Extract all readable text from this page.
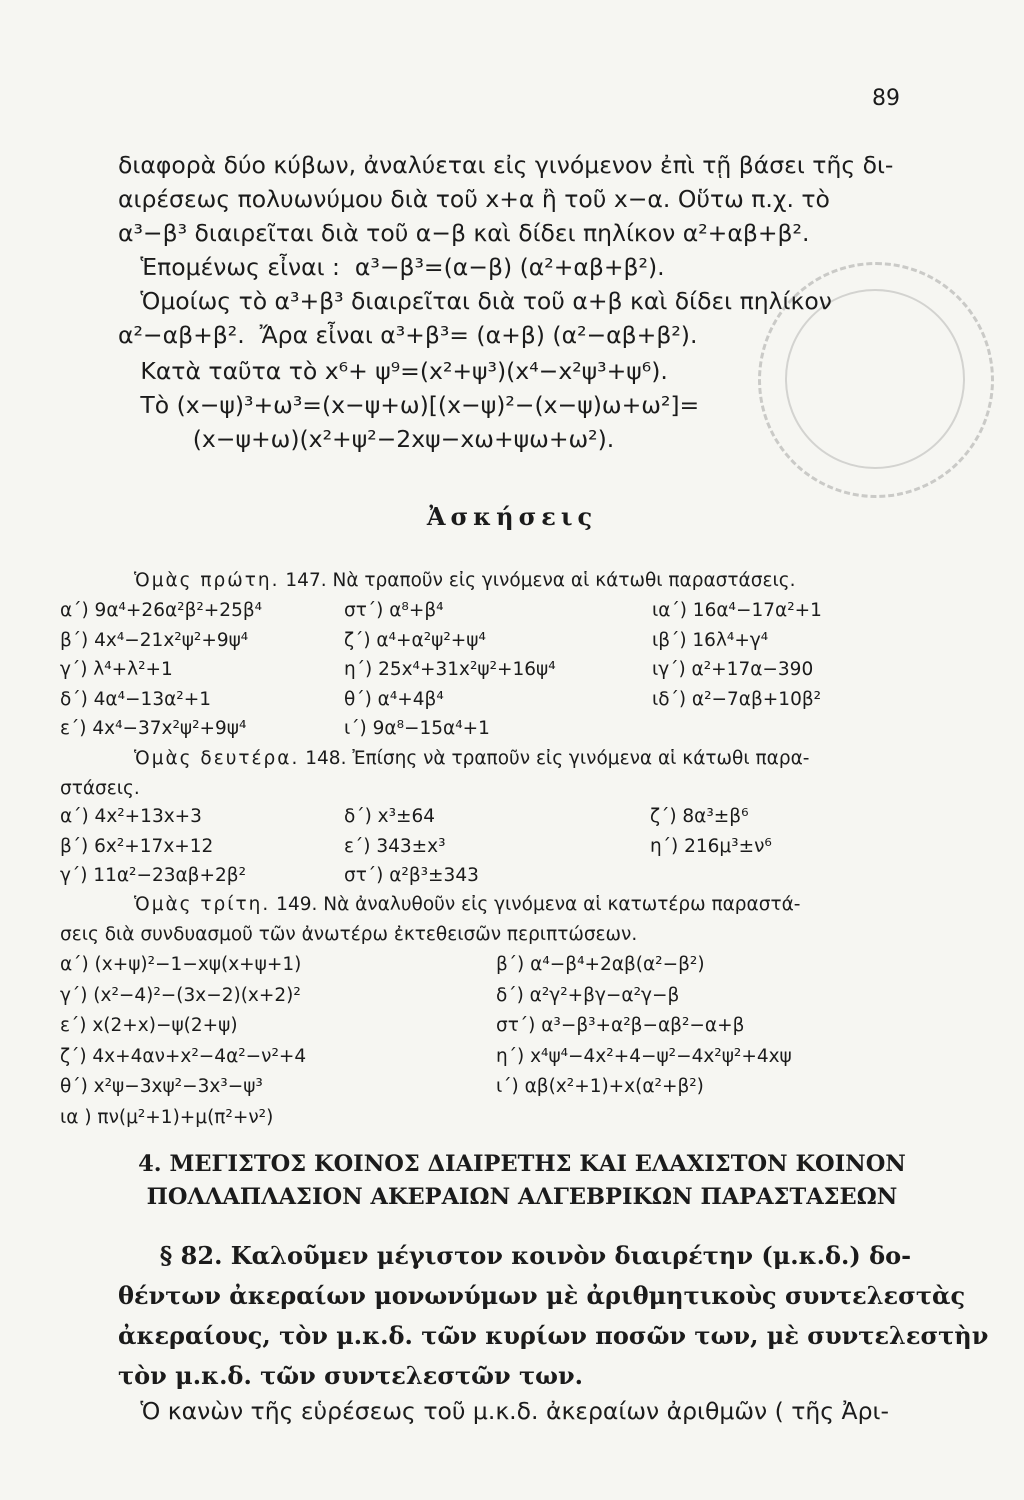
89
διαφορὰ δύο κύβων, ἀναλύεται εἰς γινόμενον ἐπὶ τῇ βάσει τῆς δι-
αιρέσεως πολυωνύμου διὰ τοῦ x+α ἢ τοῦ x−α. Οὕτω π.χ. τὸ
α³−β³ διαιρεῖται διὰ τοῦ α−β καὶ δίδει πηλίκον α²+αβ+β².
Ἑπομένως εἶναι :  α³−β³=(α−β) (α²+αβ+β²).
Ὁμοίως τὸ α³+β³ διαιρεῖται διὰ τοῦ α+β καὶ δίδει πηλίκον
α²−αβ+β².  Ἄρα εἶναι α³+β³= (α+β) (α²−αβ+β²).
Κατὰ ταῦτα τὸ x⁶+ ψ⁹=(x²+ψ³)(x⁴−x²ψ³+ψ⁶).
Τὸ (x−ψ)³+ω³=(x−ψ+ω)[(x−ψ)²−(x−ψ)ω+ω²]=
(x−ψ+ω)(x²+ψ²−2xψ−xω+ψω+ω²).
Ἀσκήσεις
Ὁμὰς πρώτη. 147. Νὰ τραποῦν εἰς γινόμενα αἱ κάτωθι παραστάσεις.
α΄) 9α⁴+26α²β²+25β⁴
β΄) 4x⁴−21x²ψ²+9ψ⁴
γ΄) λ⁴+λ²+1
δ΄) 4α⁴−13α²+1
ε΄) 4x⁴−37x²ψ²+9ψ⁴
στ΄) α⁸+β⁴
ζ΄) α⁴+α²ψ²+ψ⁴
η΄) 25x⁴+31x²ψ²+16ψ⁴
θ΄) α⁴+4β⁴
ι΄) 9α⁸−15α⁴+1
ια΄) 16α⁴−17α²+1
ιβ΄) 16λ⁴+γ⁴
ιγ΄) α²+17α−390
ιδ΄) α²−7αβ+10β²
Ὁμὰς δευτέρα. 148. Ἐπίσης νὰ τραποῦν εἰς γινόμενα αἱ κάτωθι παρα-
στάσεις.
α΄) 4x²+13x+3
β΄) 6x²+17x+12
γ΄) 11α²−23αβ+2β²
δ΄) x³±64
ε΄) 343±x³
στ΄) α²β³±343
ζ΄) 8α³±β⁶
η΄) 216μ³±ν⁶
Ὁμὰς τρίτη. 149. Νὰ ἀναλυθοῦν εἰς γινόμενα αἱ κατωτέρω παραστά-
σεις διὰ συνδυασμοῦ τῶν ἀνωτέρω ἐκτεθεισῶν περιπτώσεων.
α΄) (x+ψ)²−1−xψ(x+ψ+1)
γ΄) (x²−4)²−(3x−2)(x+2)²
ε΄) x(2+x)−ψ(2+ψ)
ζ΄) 4x+4αν+x²−4α²−ν²+4
θ΄) x²ψ−3xψ²−3x³−ψ³
ια ) πν(μ²+1)+μ(π²+ν²)
β΄) α⁴−β⁴+2αβ(α²−β²)
δ΄) α²γ²+βγ−α²γ−β
στ΄) α³−β³+α²β−αβ²−α+β
η΄) x⁴ψ⁴−4x²+4−ψ²−4x²ψ²+4xψ
ι΄) αβ(x²+1)+x(α²+β²)
4. ΜΕΓΙΣΤΟΣ ΚΟΙΝΟΣ ΔΙΑΙΡΕΤΗΣ ΚΑΙ ΕΛΑΧΙΣΤΟΝ ΚΟΙΝΟΝ
ΠΟΛΛΑΠΛΑΣΙΟΝ ΑΚΕΡΑΙΩΝ ΑΛΓΕΒΡΙΚΩΝ ΠΑΡΑΣΤΑΣΕΩΝ
§ 82. Καλοῦμεν μέγιστον κοινὸν διαιρέτην (μ.κ.δ.) δο-
θέντων ἀκεραίων μονωνύμων μὲ ἀριθμητικοὺς συντελεστὰς
ἀκεραίους, τὸν μ.κ.δ. τῶν κυρίων ποσῶν των, μὲ συντελεστὴν
τὸν μ.κ.δ. τῶν συντελεστῶν των.
Ὁ κανὼν τῆς εὑρέσεως τοῦ μ.κ.δ. ἀκεραίων ἀριθμῶν ( τῆς Ἀρι-
